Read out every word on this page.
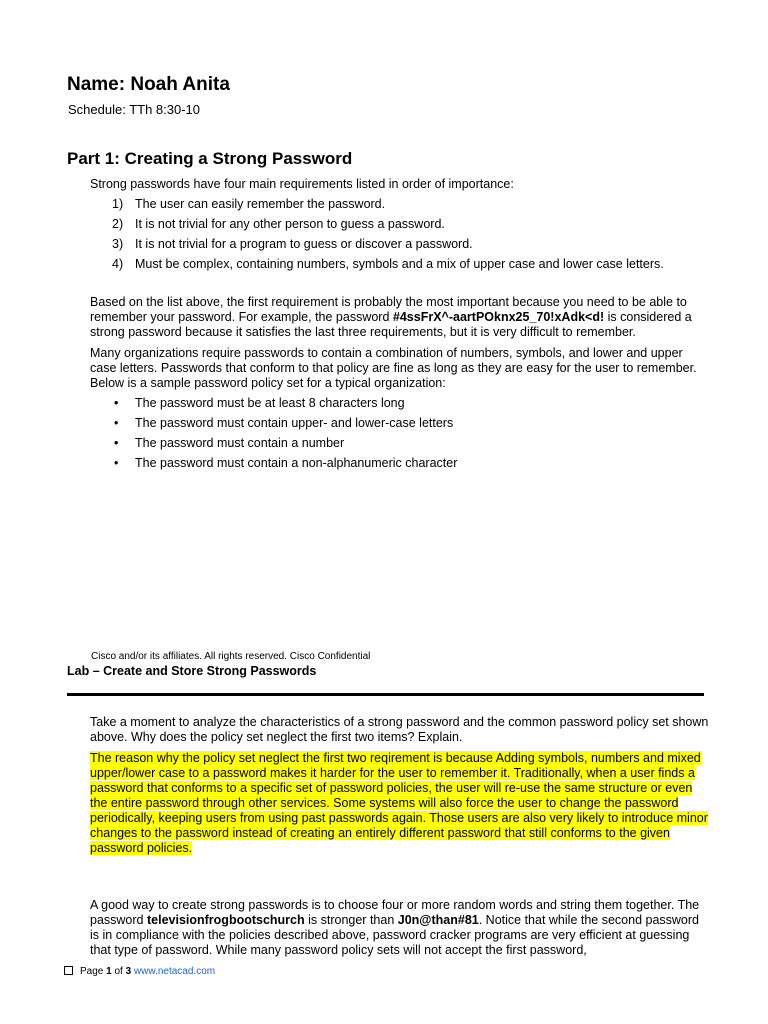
Name: Noah Anita
Schedule: TTh 8:30-10
Part 1: Creating a Strong Password
Strong passwords have four main requirements listed in order of importance:
1) The user can easily remember the password.
2) It is not trivial for any other person to guess a password.
3) It is not trivial for a program to guess or discover a password.
4) Must be complex, containing numbers, symbols and a mix of upper case and lower case letters.
Based on the list above, the first requirement is probably the most important because you need to be able to remember your password. For example, the password #4ssFrX^-aartPOknx25_70!xAdk<d! is considered a strong password because it satisfies the last three requirements, but it is very difficult to remember.
Many organizations require passwords to contain a combination of numbers, symbols, and lower and upper case letters. Passwords that conform to that policy are fine as long as they are easy for the user to remember. Below is a sample password policy set for a typical organization:
•	The password must be at least 8 characters long
•	The password must contain upper- and lower-case letters
•	The password must contain a number
•	The password must contain a non-alphanumeric character
Cisco and/or its affiliates. All rights reserved. Cisco Confidential
Lab – Create and Store Strong Passwords
Take a moment to analyze the characteristics of a strong password and the common password policy set shown above. Why does the policy set neglect the first two items? Explain.
The reason why the policy set neglect the first two reqirement is because Adding symbols, numbers and mixed upper/lower case to a password makes it harder for the user to remember it. Traditionally, when a user finds a password that conforms to a specific set of password policies, the user will re-use the same structure or even the entire password through other services. Some systems will also force the user to change the password periodically, keeping users from using past passwords again. Those users are also very likely to introduce minor changes to the password instead of creating an entirely different password that still conforms to the given password policies.
A good way to create strong passwords is to choose four or more random words and string them together. The password televisionfrogbootschurch is stronger than J0n@than#81. Notice that while the second password is in compliance with the policies described above, password cracker programs are very efficient at guessing that type of password. While many password policy sets will not accept the first password,
Page 1 of 3 www.netacad.com
